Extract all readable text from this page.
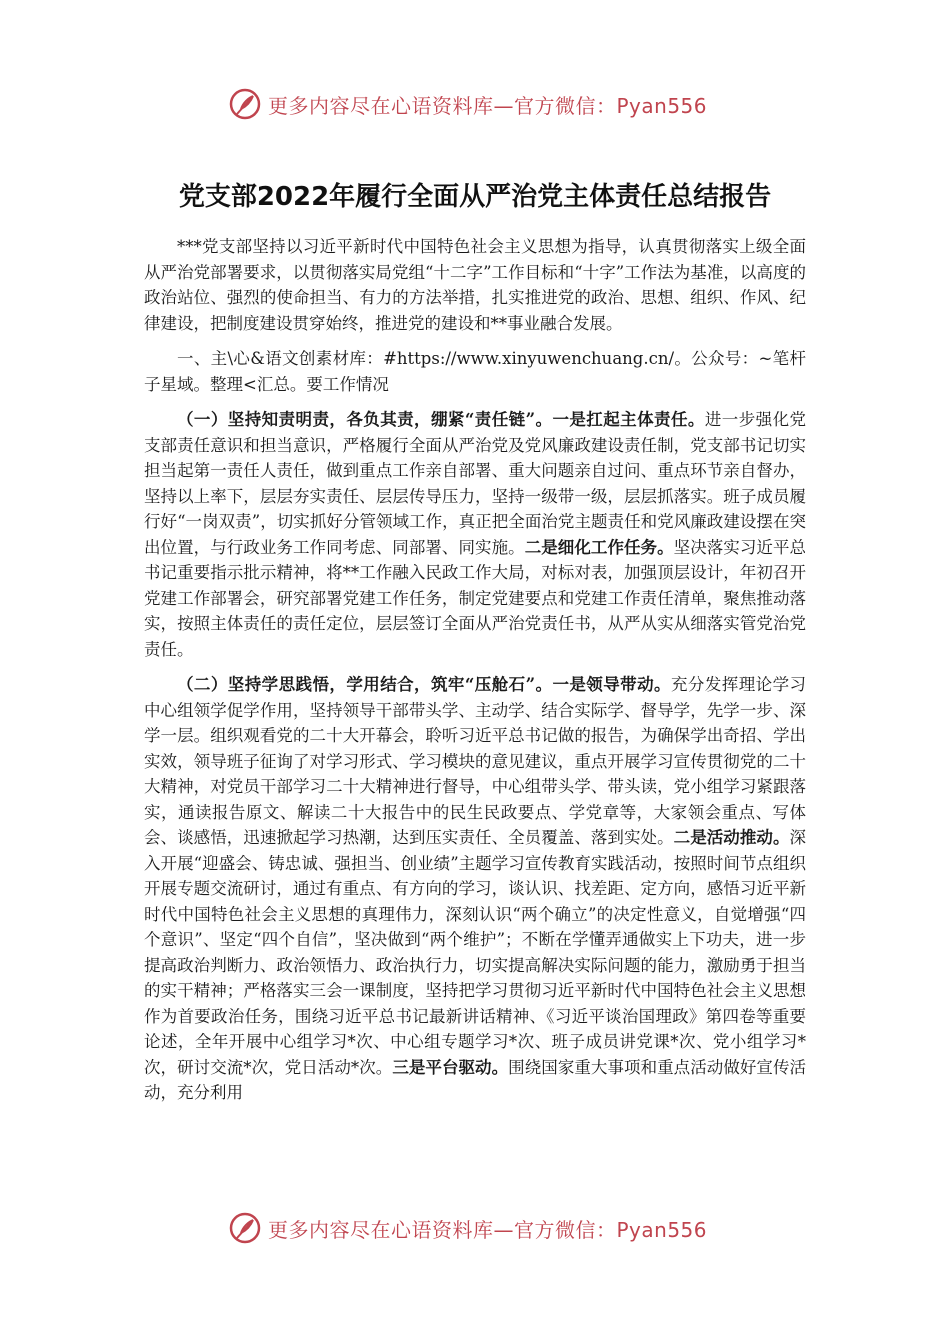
更多内容尽在心语资料库—官方微信：Pyan556
党支部2022年履行全面从严治党主体责任总结报告

***党支部坚持以习近平新时代中国特色社会主义思想为指导，认真贯彻落实上级全面从严治党部署要求，以贯彻落实局党组“十二字”工作目标和“十字”工作法为基准，以高度的政治站位、强烈的使命担当、有力的方法举措，扎实推进党的政治、思想、组织、作风、纪律建设，把制度建设贯穿始终，推进党的建设和**事业融合发展。

一、主\心&语文创素材库：#https://www.xinyuwenchuang.cn/。公众号：~笔杆子星域。整理<汇总。要工作情况

（一）坚持知责明责，各负其责，绷紧“责任链”。一是扛起主体责任。进一步强化党支部责任意识和担当意识，严格履行全面从严治党及党风廉政建设责任制，党支部书记切实担当起第一责任人责任，做到重点工作亲自部署、重大问题亲自过问、重点环节亲自督办，坚持以上率下，层层夯实责任、层层传导压力，坚持一级带一级，层层抓落实。班子成员履行好“一岗双责”，切实抓好分管领域工作，真正把全面治党主题责任和党风廉政建设摆在突出位置，与行政业务工作同考虑、同部署、同实施。二是细化工作任务。坚决落实习近平总书记重要指示批示精神，将**工作融入民政工作大局，对标对表，加强顶层设计，年初召开党建工作部署会，研究部署党建工作任务，制定党建要点和党建工作责任清单，聚焦推动落实，按照主体责任的责任定位，层层签订全面从严治党责任书，从严从实从细落实管党治党责任。

（二）坚持学思践悟，学用结合，筑牢“压舱石”。一是领导带动。充分发挥理论学习中心组领学促学作用，坚持领导干部带头学、主动学、结合实际学、督导学，先学一步、深学一层。组织观看党的二十大开幕会，聆听习近平总书记做的报告，为确保学出奇招、学出实效，领导班子征询了对学习形式、学习模块的意见建议，重点开展学习宣传贯彻党的二十大精神，对党员干部学习二十大精神进行督导，中心组带头学、带头读，党小组学习紧跟落实，通读报告原文、解读二十大报告中的民生民政要点、学党章等，大家领会重点、写体会、谈感悟，迅速掀起学习热潮，达到压实责任、全员覆盖、落到实处。二是活动推动。深入开展“迎盛会、铸忠诚、强担当、创业绩”主题学习宣传教育实践活动，按照时间节点组织开展专题交流研讨，通过有重点、有方向的学习，谈认识、找差距、定方向，感悟习近平新时代中国特色社会主义思想的真理伟力，深刻认识“两个确立”的决定性意义，自觉增强“四个意识”、坚定“四个自信”，坚决做到“两个维护”；不断在学懂弄通做实上下功夫，进一步提高政治判断力、政治领悟力、政治执行力，切实提高解决实际问题的能力，激励勇于担当的实干精神；严格落实三会一课制度，坚持把学习贯彻习近平新时代中国特色社会主义思想作为首要政治任务，围绕习近平总书记最新讲话精神、《习近平谈治国理政》第四卷等重要论述，全年开展中心组学习*次、中心组专题学习*次、班子成员讲党课*次、党小组学习*次，研讨交流*次，党日活动*次。三是平台驱动。围绕国家重大事项和重点活动做好宣传活动，充分利用

更多内容尽在心语资料库—官方微信：Pyan556
